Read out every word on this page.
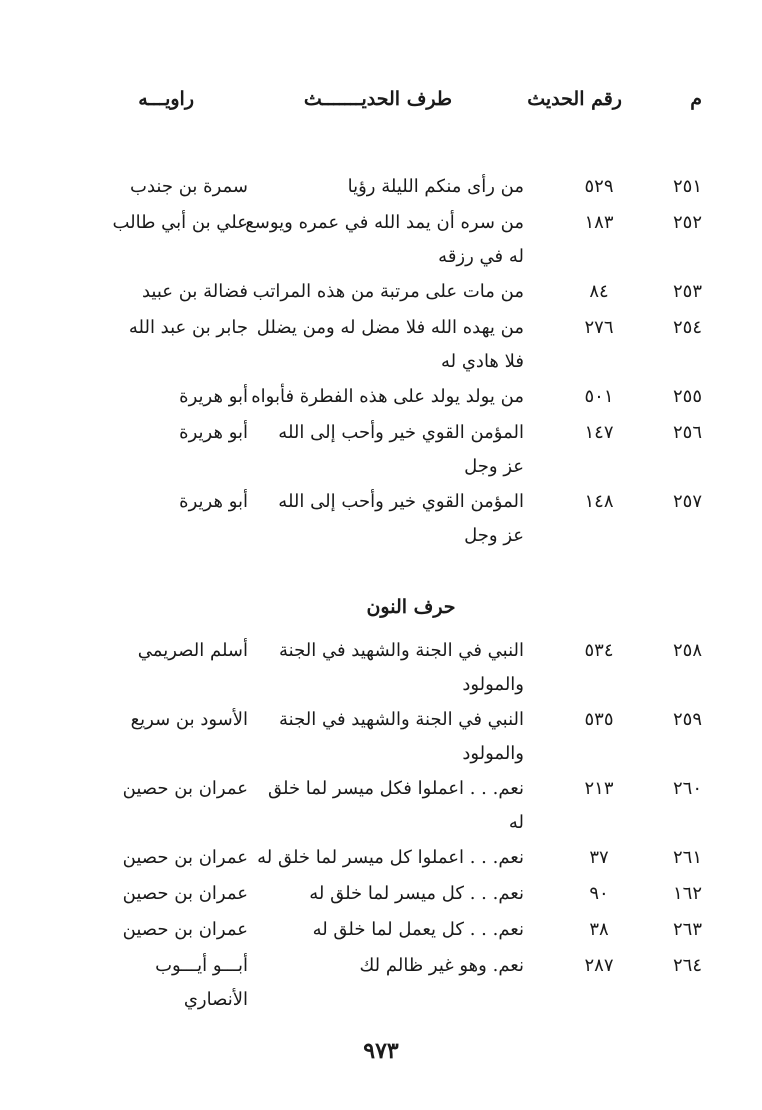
م
رقم الحديث
طرف الحديـــــــث
راويـــه
٢٥١
٥٢٩
من رأى منكم الليلة رؤيا
سمرة بن جندب
٢٥٢
١٨٣
من سره أن يمد الله في عمره ويوسع
له في رزقه
علي بن أبي طالب
٢٥٣
٨٤
من مات على مرتبة من هذه المراتب
فضالة بن عبيد
٢٥٤
٢٧٦
من يهده الله فلا مضل له ومن يضلل
فلا هادي له
جابر بن عبد الله
٢٥٥
٥٠١
من يولد يولد على هذه الفطرة فأبواه
أبو هريرة
٢٥٦
١٤٧
المؤمن القوي خير وأحب إلى الله
عز وجل
أبو هريرة
٢٥٧
١٤٨
المؤمن القوي خير وأحب إلى الله
عز وجل
أبو هريرة
٢٥٨
٥٣٤
النبي في الجنة والشهيد في الجنة
والمولود
أسلم الصريمي
٢٥٩
٥٣٥
النبي في الجنة والشهيد في الجنة
والمولود
الأسود بن سريع
٢٦٠
٢١٣
نعم. . . اعملوا فكل ميسر لما خلق
له
عمران بن حصين
٢٦١
٣٧
نعم. . . اعملوا كل ميسر لما خلق له
عمران بن حصين
١٦٢
٩٠
نعم. . . كل ميسر لما خلق له
عمران بن حصين
٢٦٣
٣٨
نعم. . . كل يعمل لما خلق له
عمران بن حصين
٢٦٤
٢٨٧
نعم. وهو غير ظالم لك
أبـــو أيـــوب
الأنصاري
حرف النون
٩٧٣
